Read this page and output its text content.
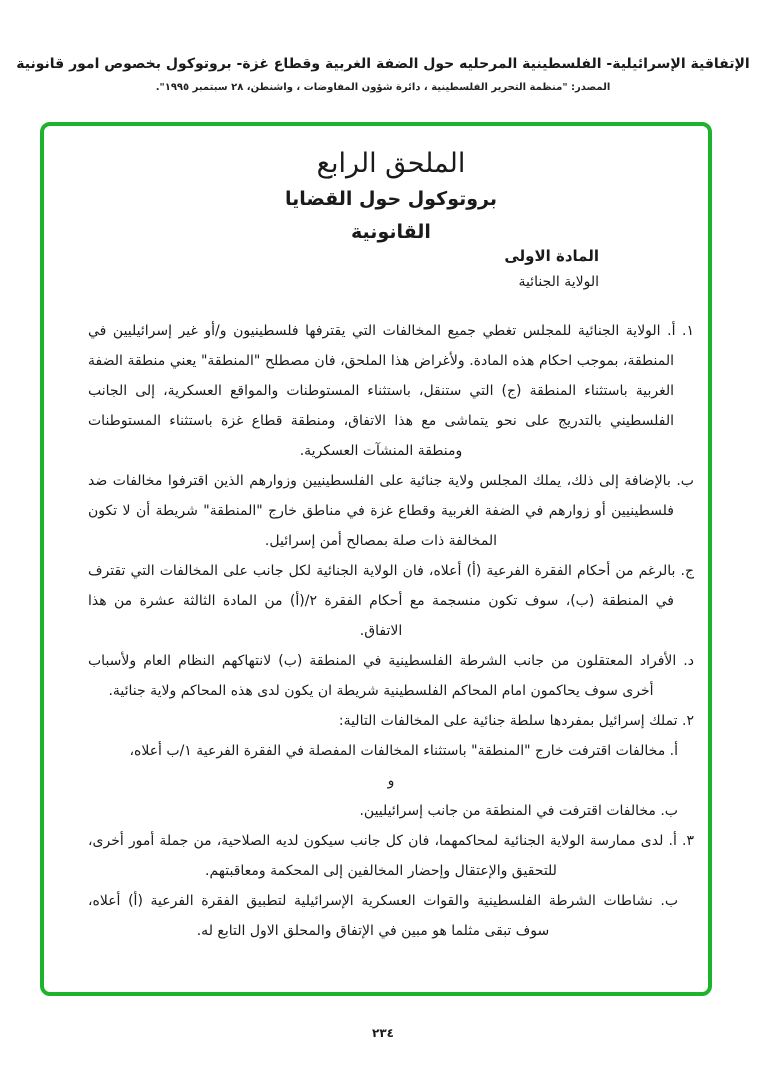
الإتفاقية الإسرائيلية- الفلسطينية المرحليه حول الضفة الغربية وقطاع غزة- بروتوكول بخصوص امور قانونية
المصدر: "منظمة التحرير الفلسطينية ، دائرة شؤون المفاوضات ، واشنطن، ٢٨ سبتمبر ١٩٩٥".
الملحق الرابع
بروتوكول حول القضايا
القانونية
المادة الاولى
الولاية الجنائية
١. أ. الولاية الجنائية للمجلس تغطي جميع المخالفات التي يقترفها فلسطينيون و/أو غير إسرائيليين في المنطقة، بموجب احكام هذه المادة. ولأغراض هذا الملحق، فان مصطلح "المنطقة" يعني منطقة الضفة الغربية باستثناء المنطقة (ج) التي ستنقل، باستثناء المستوطنات والمواقع العسكرية، إلى الجانب الفلسطيني بالتدريج على نحو يتماشى مع هذا الاتفاق، ومنطقة قطاع غزة باستثناء المستوطنات ومنطقة المنشآت العسكرية.
ب. بالإضافة إلى ذلك، يملك المجلس ولاية جنائية على الفلسطينيين وزوارهم الذين اقترفوا مخالفات ضد فلسطينيين أو زوارهم في الضفة الغربية وقطاع غزة في مناطق خارج "المنطقة" شريطة أن لا تكون المخالفة ذات صلة بمصالح أمن إسرائيل.
ج. بالرغم من أحكام الفقرة الفرعية (أ) أعلاه، فان الولاية الجنائية لكل جانب على المخالفات التي تقترف في المنطقة (ب)، سوف تكون منسجمة مع أحكام الفقرة ٢/(أ) من المادة الثالثة عشرة من هذا الاتفاق.
د. الأفراد المعتقلون من جانب الشرطة الفلسطينية في المنطقة (ب) لانتهاكهم النظام العام ولأسباب أخرى سوف يحاكمون امام المحاكم الفلسطينية شريطة ان يكون لدى هذه المحاكم ولاية جنائية.
٢. تملك إسرائيل بمفردها سلطة جنائية على المخالفات التالية:
أ. مخالفات اقترفت خارج "المنطقة" باستثناء المخالفات المفصلة في الفقرة الفرعية ١/ب أعلاه،
و
ب. مخالفات اقترفت في المنطقة من جانب إسرائيليين.
٣. أ. لدى ممارسة الولاية الجنائية لمحاكمهما، فان كل جانب سيكون لديه الصلاحية، من جملة أمور أخرى، للتحقيق والإعتقال وإحضار المخالفين إلى المحكمة ومعاقبتهم.
ب. نشاطات الشرطة الفلسطينية والقوات العسكرية الإسرائيلية لتطبيق الفقرة الفرعية (أ) أعلاه، سوف تبقى مثلما هو مبين في الإتفاق والمحلق الاول التابع له.
٢٣٤
